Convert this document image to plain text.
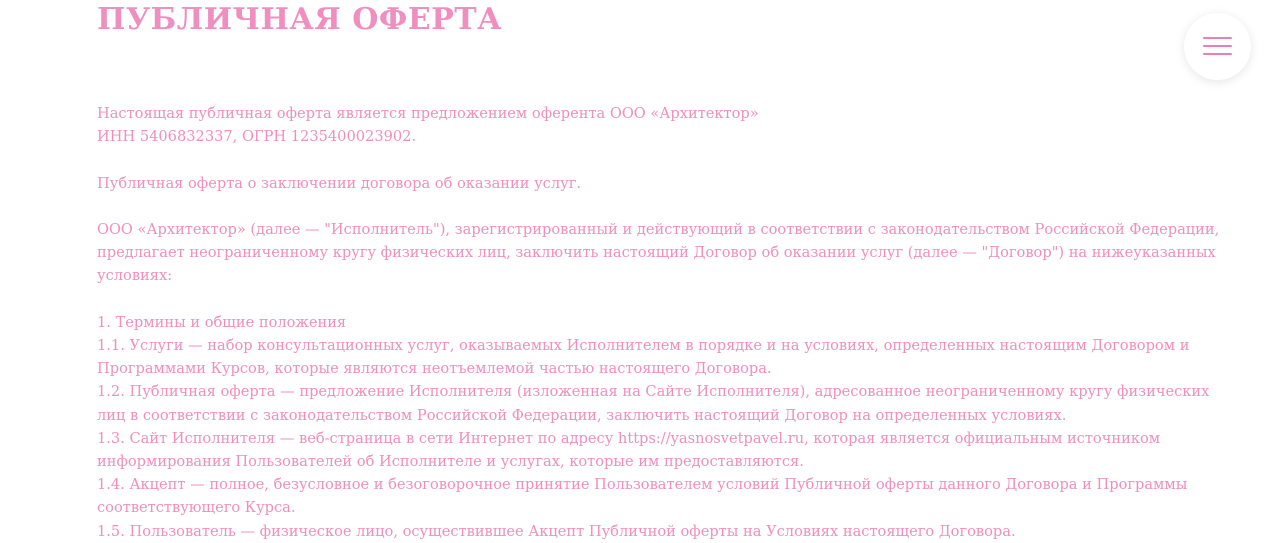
ПУБЛИЧНАЯ ОФЕРТА

Настоящая публичная оферта является предложением оферента ООО «Архитектор»

ИНН 5406832337, ОГРН 1235400023902.

Публичная оферта о заключении договора об оказании услуг.

ООО «Архитектор» (далее — "Исполнитель"), зарегистрированный и действующий в соответствии с законодательством Российской Федерации,

предлагает неограниченному кругу физических лиц, заключить настоящий Договор об оказании услуг (далее — "Договор") на нижеуказанных

условиях:

1. Термины и общие положения

1.1. Услуги — набор консультационных услуг, оказываемых Исполнителем в порядке и на условиях, определенных настоящим Договором и

Программами Курсов, которые являются неотъемлемой частью настоящего Договора.

1.2. Публичная оферта — предложение Исполнителя (изложенная на Сайте Исполнителя), адресованное неограниченному кругу физических

лиц в соответствии с законодательством Российской Федерации, заключить настоящий Договор на определенных условиях.

1.3. Сайт Исполнителя — веб-страница в сети Интернет по адресу https://yasnosvetpavel.ru, которая является официальным источником

информирования Пользователей об Исполнителе и услугах, которые им предоставляются.

1.4. Акцепт — полное, безусловное и безоговорочное принятие Пользователем условий Публичной оферты данного Договора и Программы

соответствующего Курса.

1.5. Пользователь — физическое лицо, осуществившее Акцепт Публичной оферты на Условиях настоящего Договора.
